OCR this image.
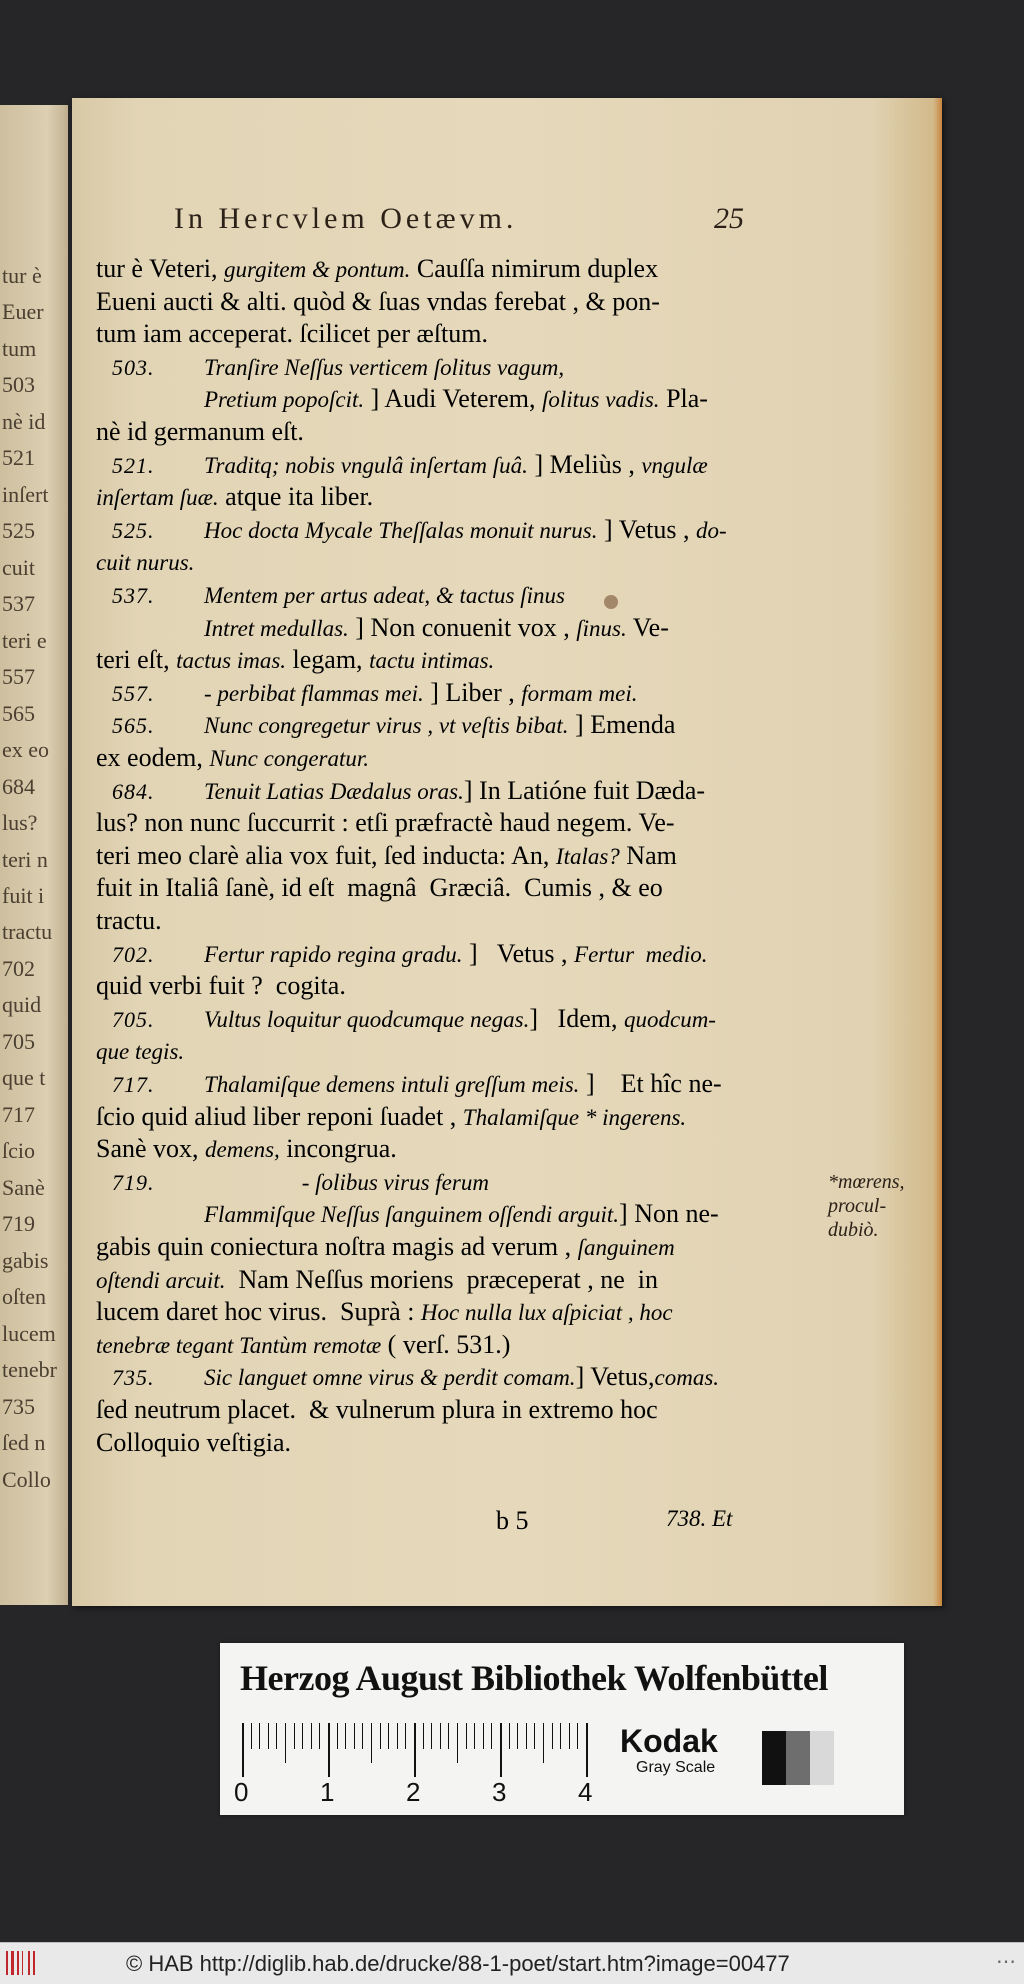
tur è
Euer
tum
503
nè id
521
inſert
525
cuit
537
teri e
557
565
ex eo
684
lus?
teri n
fuit i
tractu
702
quid
705
que t
717
ſcio
Sanè
719
gabis
oſten
lucem
tenebr
735
ſed n
Collo
In Hercvlem Oetævm.	25
tur è Veteri, gurgitem & pontum. Cauſſa nimirum duplex
Eueni aucti & alti. quòd & ſuas vndas ferebat , & pon-
tum iam acceperat. ſcilicet per æſtum.
503. Tranſire Neſſus verticem ſolitus vagum,
Pretium popoſcit. ] Audi Veterem, ſolitus vadis. Pla-
nè id germanum eſt.
521. Traditq; nobis vngulâ inſertam ſuâ. ] Meliùs , vngulæ
inſertam ſuæ. atque ita liber.
525. Hoc docta Mycale Theſſalas monuit nurus. ] Vetus , do-
cuit nurus.
537. Mentem per artus adeat, & tactus ſinus
Intret medullas. ] Non conuenit vox , ſinus. Ve-
teri eſt, tactus imas. legam, tactu intimas.
557. - perbibat flammas mei. ] Liber , formam mei.
565. Nunc congregetur virus , vt veſtis bibat. ] Emenda
ex eodem, Nunc congeratur.
684. Tenuit Latias Dædalus oras.] In Latióne fuit Dæda-
lus? non nunc ſuccurrit : etſi præfractè haud negem. Ve-
teri meo clarè alia vox fuit, ſed inducta: An, Italas? Nam
fuit in Italiâ ſanè, id eſt  magnâ  Græciâ.  Cumis , & eo
tractu.
702. Fertur rapido regina gradu. ]   Vetus , Fertur  medio.
quid verbi fuit ?  cogita.
705. Vultus loquitur quodcumque negas.]   Idem, quodcum-
que tegis.
717. Thalamiſque demens intuli greſſum meis. ]    Et hîc ne-
ſcio quid aliud liber reponi ſuadet , Thalamiſque * ingerens.
Sanè vox, demens, incongrua.
719.                 - ſolibus virus ferum
Flammiſque Neſſus ſanguinem oſſendi arguit.] Non ne-
gabis quin coniectura noſtra magis ad verum , ſanguinem
oſtendi arcuit.  Nam Neſſus moriens  præceperat , ne  in
lucem daret hoc virus.  Suprà : Hoc nulla lux aſpiciat , hoc
tenebræ tegant Tantùm remotæ ( verſ. 531.)
735. Sic languet omne virus & perdit comam.] Vetus,comas.
ſed neutrum placet.  & vulnerum plura in extremo hoc
Colloquio veſtigia.
*mœrens,
procul-
dubiò.
b 5	738. Et
Herzog August Bibliothek Wolfenbüttel
0	1	2	3	4
Kodak
Gray Scale
© HAB http://diglib.hab.de/drucke/88-1-poet/start.htm?image=00477	⋯
